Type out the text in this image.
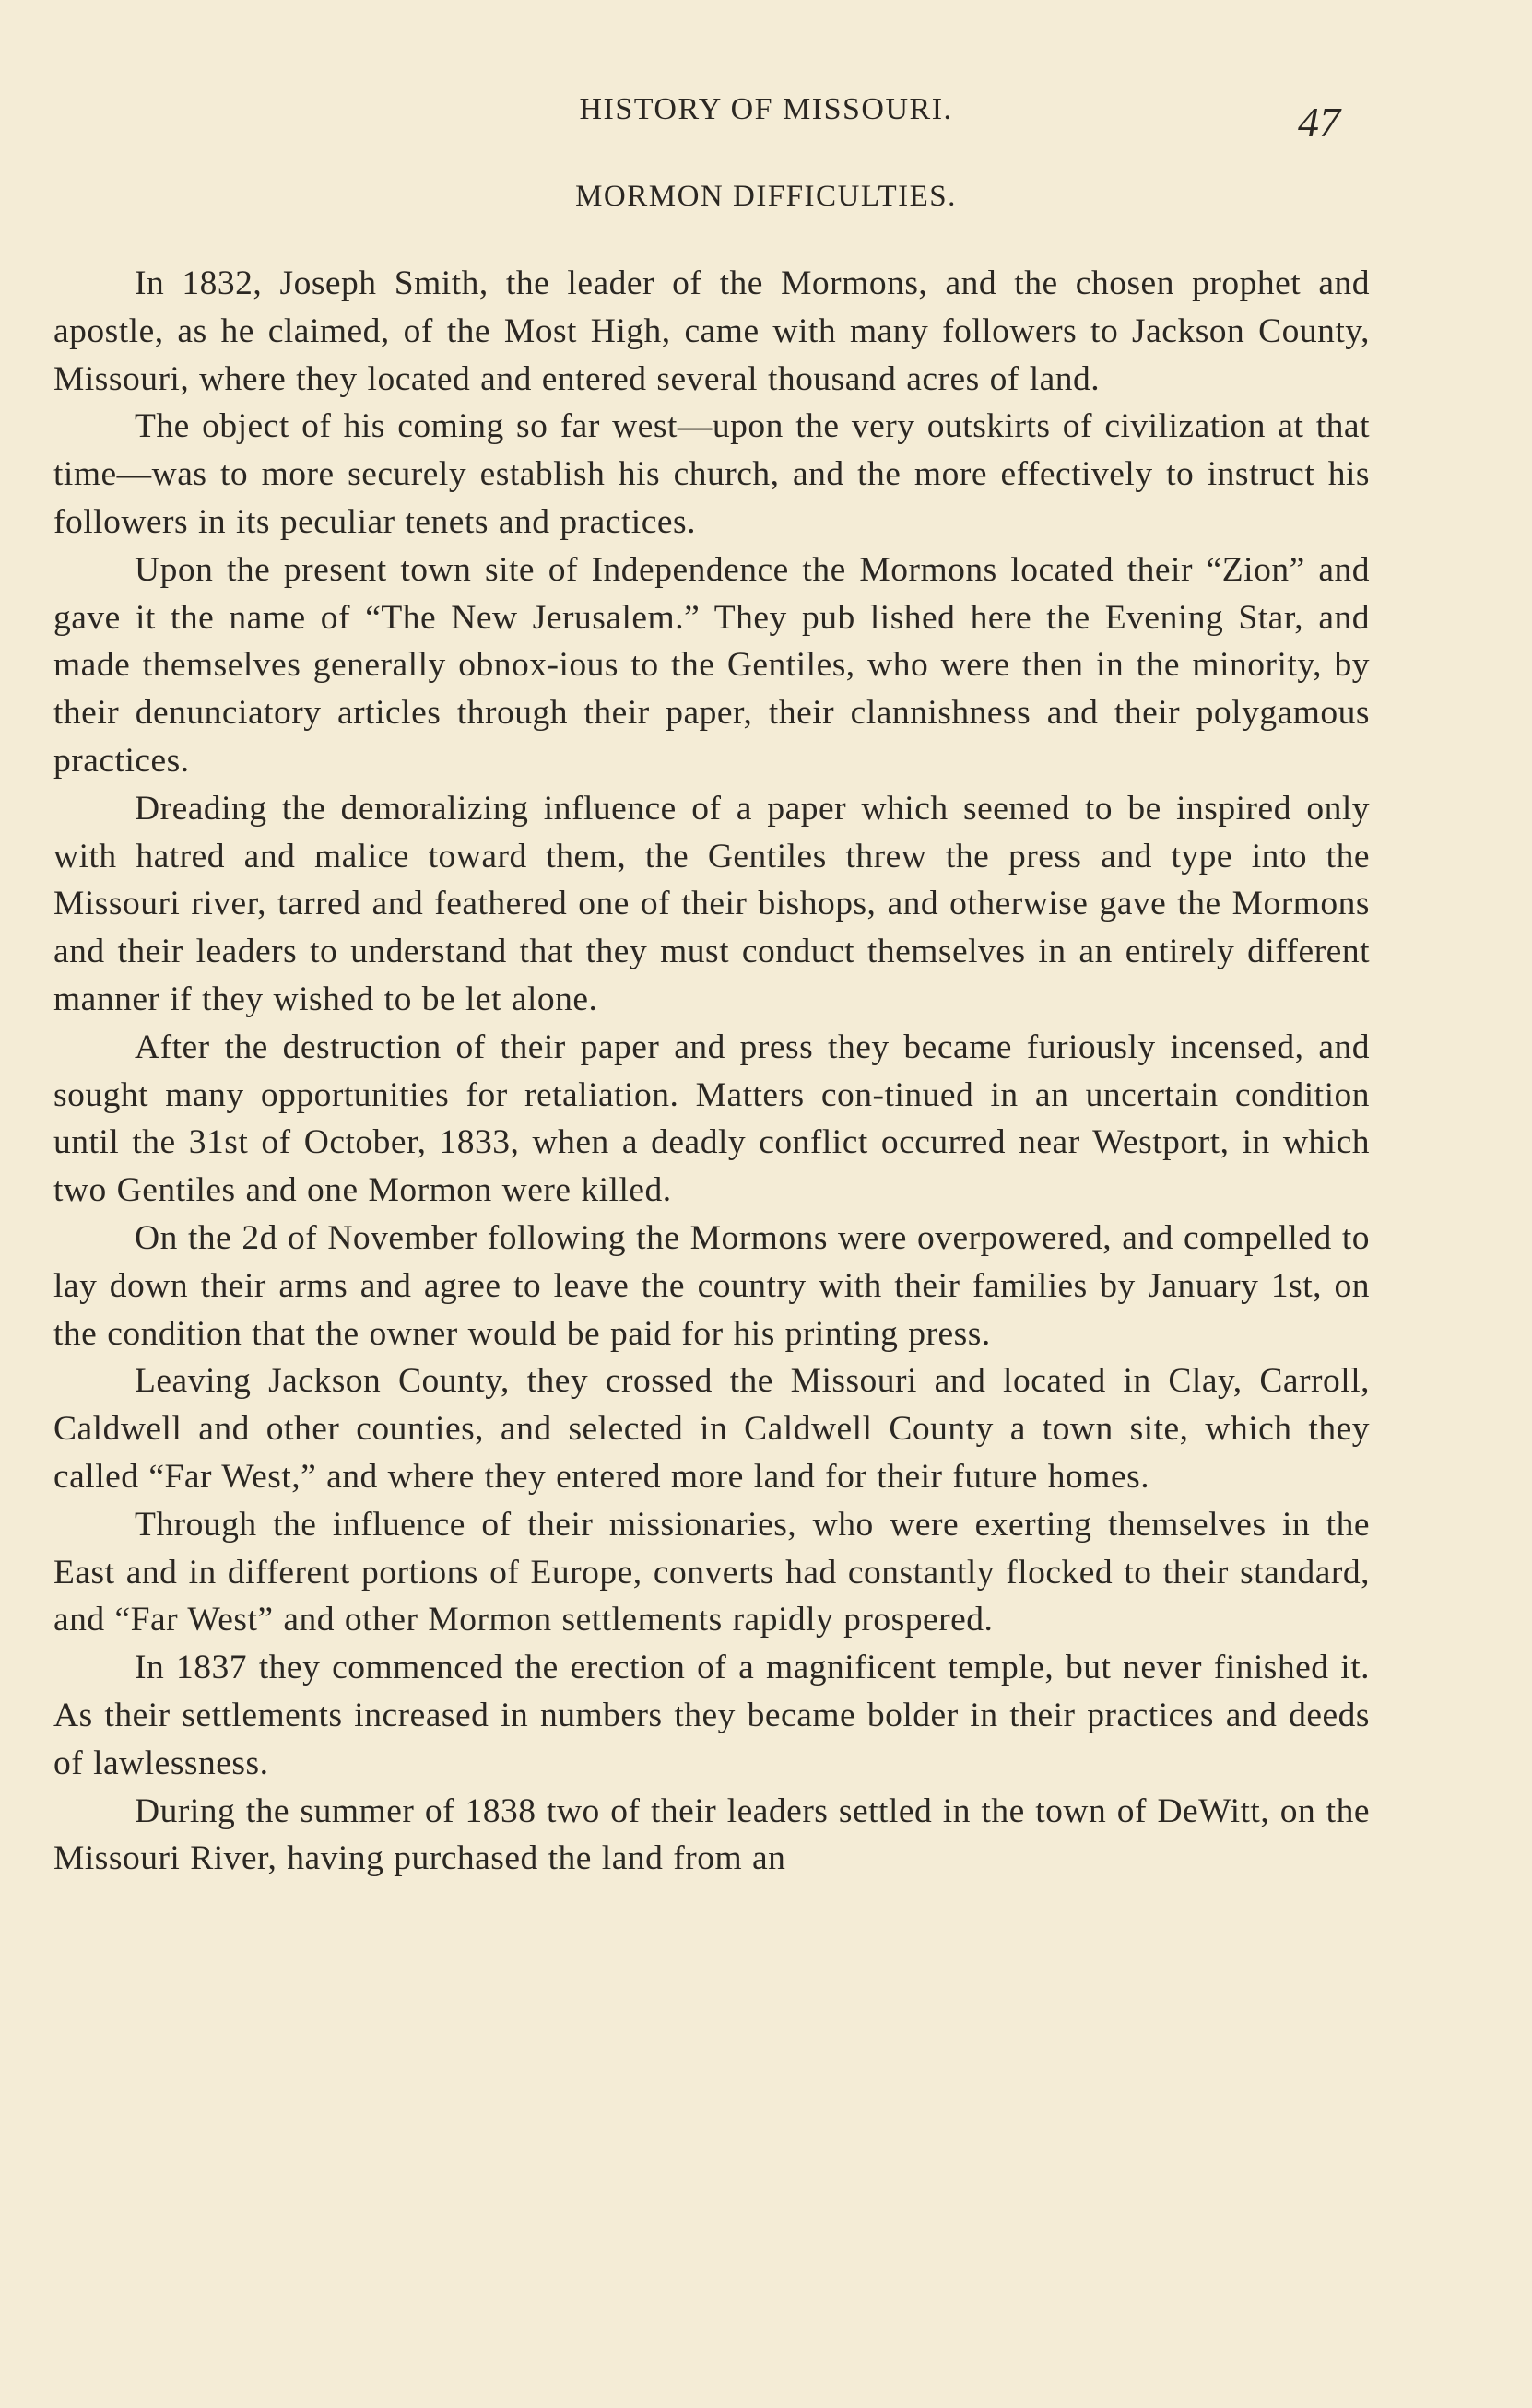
HISTORY OF MISSOURI.	47
MORMON DIFFICULTIES.

In 1832, Joseph Smith, the leader of the Mormons, and the chosen prophet and apostle, as he claimed, of the Most High, came with many followers to Jackson County, Missouri, where they located and entered several thousand acres of land.

The object of his coming so far west—upon the very outskirts of civilization at that time—was to more securely establish his church, and the more effectively to instruct his followers in its peculiar tenets and practices.

Upon the present town site of Independence the Mormons located their “Zion” and gave it the name of “The New Jerusalem.” They pub lished here the Evening Star, and made themselves generally obnox-ious to the Gentiles, who were then in the minority, by their denunciatory articles through their paper, their clannishness and their polygamous practices.

Dreading the demoralizing influence of a paper which seemed to be inspired only with hatred and malice toward them, the Gentiles threw the press and type into the Missouri river, tarred and feathered one of their bishops, and otherwise gave the Mormons and their leaders to understand that they must conduct themselves in an entirely different manner if they wished to be let alone.

After the destruction of their paper and press they became furiously incensed, and sought many opportunities for retaliation. Matters con-tinued in an uncertain condition until the 31st of October, 1833, when a deadly conflict occurred near Westport, in which two Gentiles and one Mormon were killed.

On the 2d of November following the Mormons were overpowered, and compelled to lay down their arms and agree to leave the country with their families by January 1st, on the condition that the owner would be paid for his printing press.

Leaving Jackson County, they crossed the Missouri and located in Clay, Carroll, Caldwell and other counties, and selected in Caldwell County a town site, which they called “Far West,” and where they entered more land for their future homes.

Through the influence of their missionaries, who were exerting themselves in the East and in different portions of Europe, converts had constantly flocked to their standard, and “Far West” and other Mormon settlements rapidly prospered.

In 1837 they commenced the erection of a magnificent temple, but never finished it. As their settlements increased in numbers they became bolder in their practices and deeds of lawlessness.

During the summer of 1838 two of their leaders settled in the town of DeWitt, on the Missouri River, having purchased the land from an
